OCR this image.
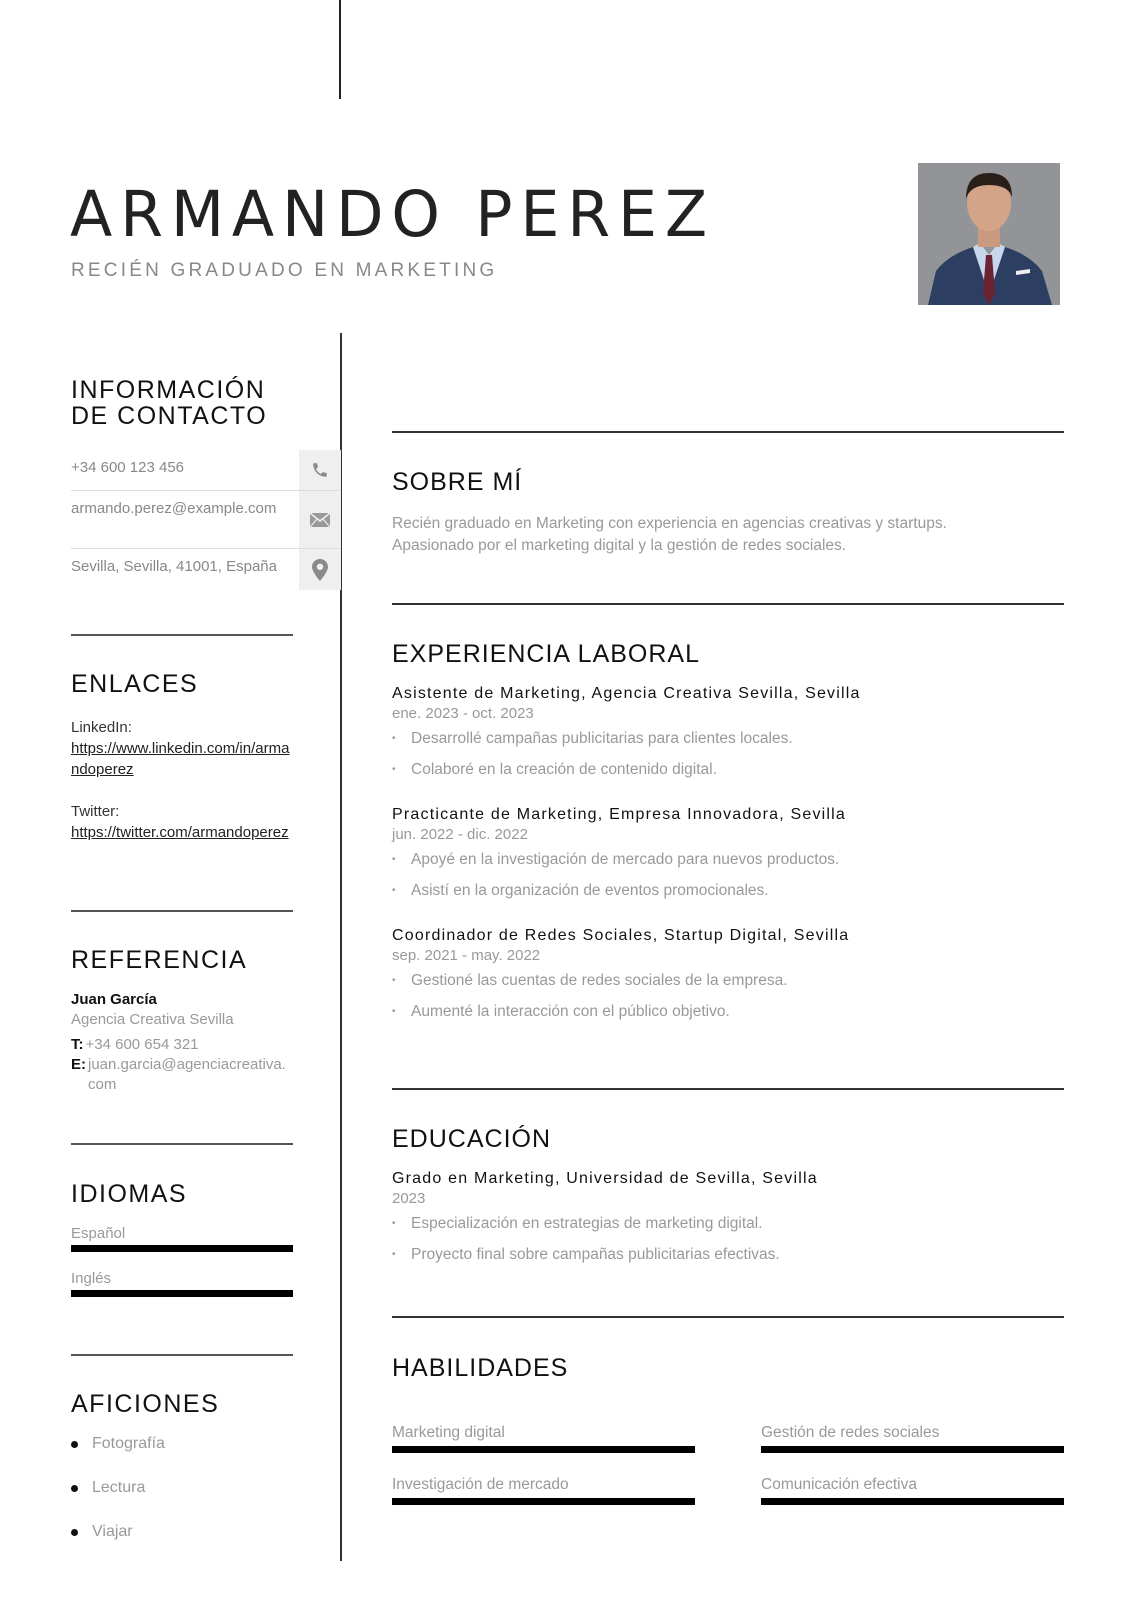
ARMANDO PEREZ
RECIÉN GRADUADO EN MARKETING
INFORMACIÓN
DE CONTACTO
+34 600 123 456
armando.perez@example.com
Sevilla, Sevilla, 41001, España
ENLACES
LinkedIn:
https://www.linkedin.com/in/armandoperez
Twitter:
https://twitter.com/armandoperez
REFERENCIA
Juan García
Agencia Creativa Sevilla
T: +34 600 654 321
E: juan.garcia@agenciacreativa.com
IDIOMAS
Español
Inglés
AFICIONES
Fotografía
Lectura
Viajar
SOBRE MÍ
Recién graduado en Marketing con experiencia en agencias creativas y startups. Apasionado por el marketing digital y la gestión de redes sociales.
EXPERIENCIA LABORAL
Asistente de Marketing, Agencia Creativa Sevilla, Sevilla
ene. 2023 - oct. 2023
• Desarrollé campañas publicitarias para clientes locales.
• Colaboré en la creación de contenido digital.
Practicante de Marketing, Empresa Innovadora, Sevilla
jun. 2022 - dic. 2022
• Apoyé en la investigación de mercado para nuevos productos.
• Asistí en la organización de eventos promocionales.
Coordinador de Redes Sociales, Startup Digital, Sevilla
sep. 2021 - may. 2022
• Gestioné las cuentas de redes sociales de la empresa.
• Aumenté la interacción con el público objetivo.
EDUCACIÓN
Grado en Marketing, Universidad de Sevilla, Sevilla
2023
• Especialización en estrategias de marketing digital.
• Proyecto final sobre campañas publicitarias efectivas.
HABILIDADES
Marketing digital	Gestión de redes sociales
Investigación de mercado	Comunicación efectiva
